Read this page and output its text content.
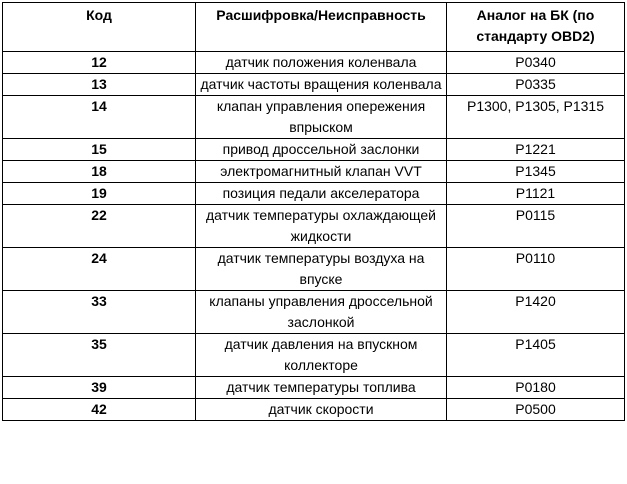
Код	Расшифровка/Неисправность	Аналог на БК (по стандарту OBD2)
12	датчик положения коленвала	P0340
13	датчик частоты вращения коленвала	P0335
14	клапан управления опережения впрыском	P1300, P1305, P1315
15	привод дроссельной заслонки	P1221
18	электромагнитный клапан VVT	P1345
19	позиция педали акселератора	P1121
22	датчик температуры охлаждающей жидкости	P0115
24	датчик температуры воздуха на впуске	P0110
33	клапаны управления дроссельной заслонкой	P1420
35	датчик давления на впускном коллекторе	P1405
39	датчик температуры топлива	P0180
42	датчик скорости	P0500
